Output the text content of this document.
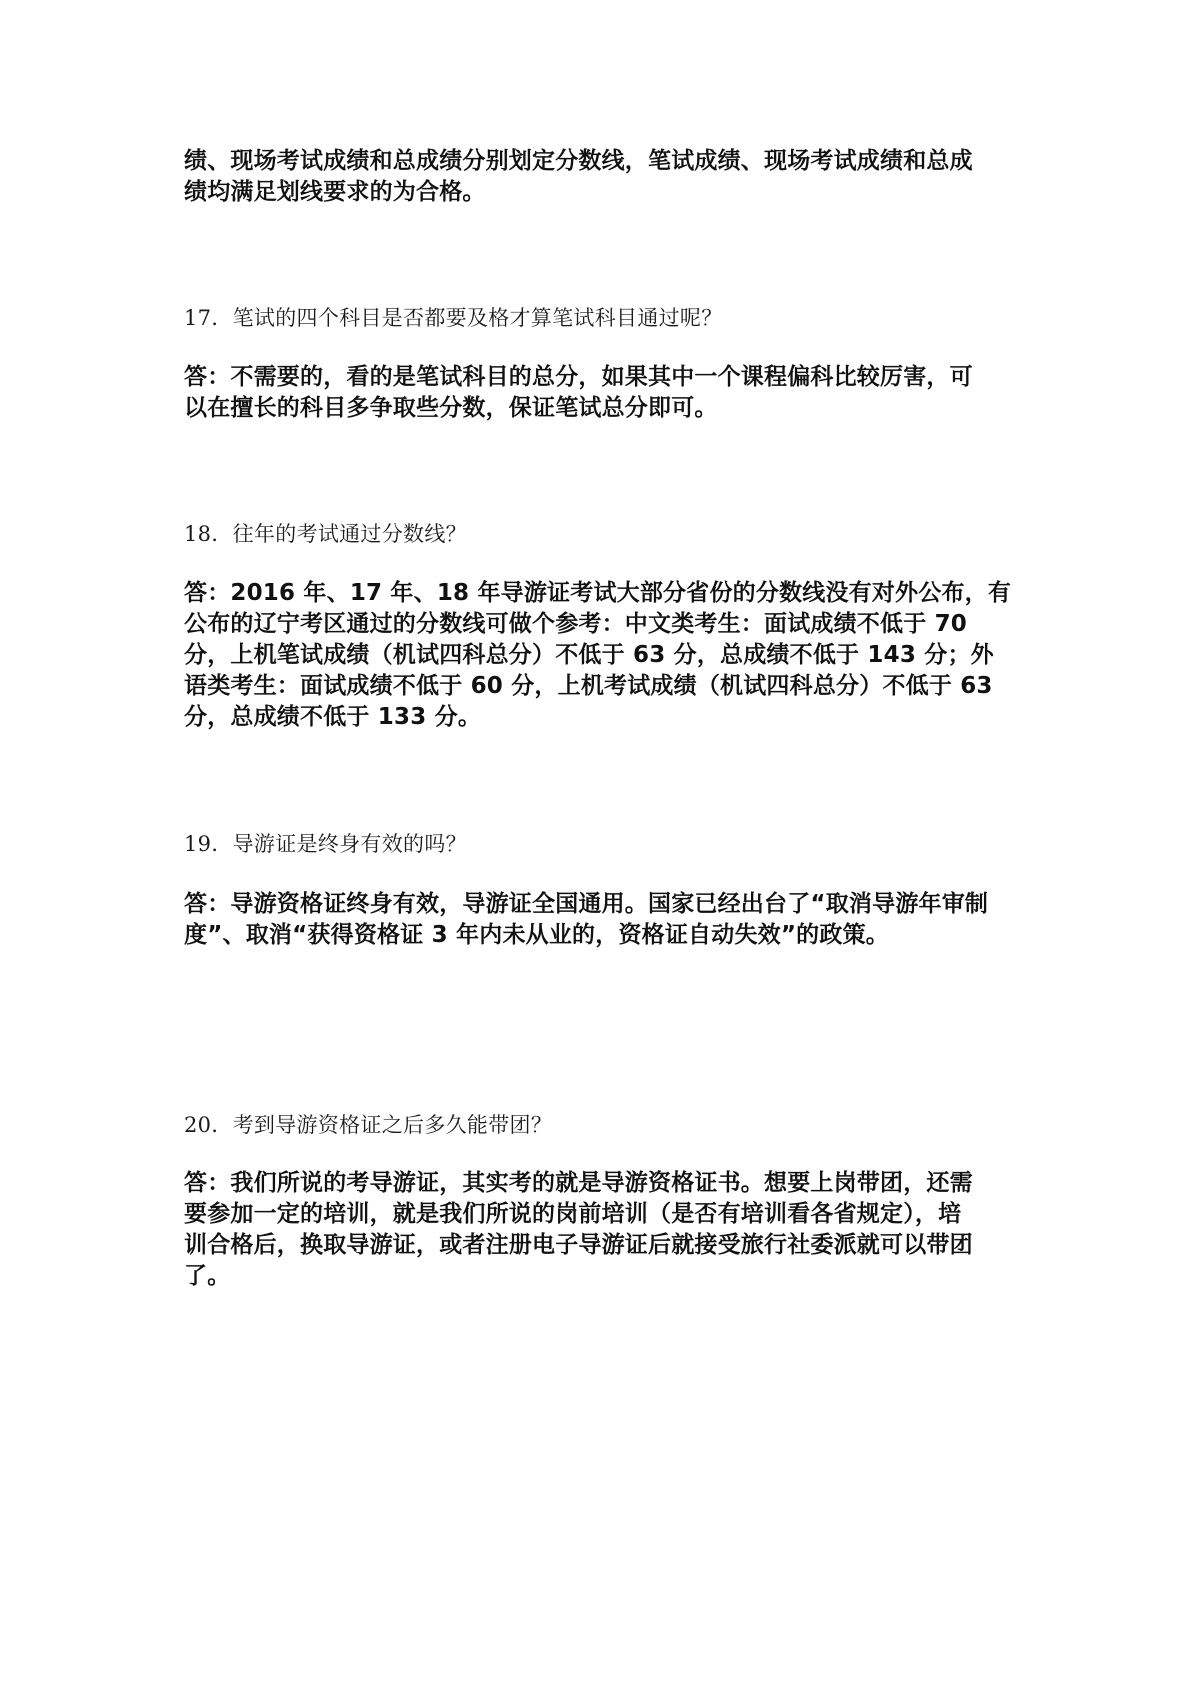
绩、现场考试成绩和总成绩分别划定分数线，笔试成绩、现场考试成绩和总成
绩均满足划线要求的为合格。
17．笔试的四个科目是否都要及格才算笔试科目通过呢？
答：不需要的，看的是笔试科目的总分，如果其中一个课程偏科比较厉害，可
以在擅长的科目多争取些分数，保证笔试总分即可。
18．往年的考试通过分数线？
答：2016 年、17 年、18 年导游证考试大部分省份的分数线没有对外公布，有
公布的辽宁考区通过的分数线可做个参考：中文类考生：面试成绩不低于 70
分，上机笔试成绩（机试四科总分）不低于 63 分，总成绩不低于 143 分；外
语类考生：面试成绩不低于 60 分，上机考试成绩（机试四科总分）不低于 63
分，总成绩不低于 133 分。
19．导游证是终身有效的吗？
答：导游资格证终身有效，导游证全国通用。国家已经出台了“取消导游年审制
度”、取消“获得资格证 3 年内未从业的，资格证自动失效”的政策。
20．考到导游资格证之后多久能带团？
答：我们所说的考导游证，其实考的就是导游资格证书。想要上岗带团，还需
要参加一定的培训，就是我们所说的岗前培训（是否有培训看各省规定），培
训合格后，换取导游证，或者注册电子导游证后就接受旅行社委派就可以带团
了。
